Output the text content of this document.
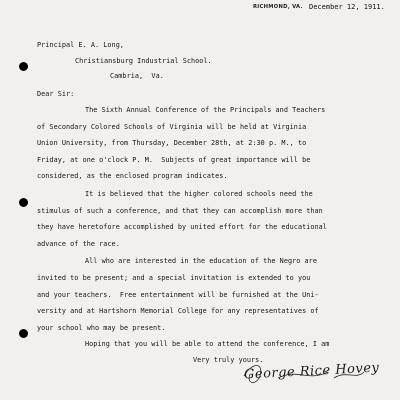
RICHMOND, VA. December 12, 1911.
Principal E. A. Long,
Christiansburg Industrial School.
Cambria,  Va.
Dear Sir:
The Sixth Annual Conference of the Principals and Teachers
of Secondary Colored Schools of Virginia will be held at Virginia
Union University, from Thursday, December 28th, at 2:30 p. M., to
Friday, at one o'clock P. M.  Subjects of great importance will be
considered, as the enclosed program indicates.
It is believed that the higher colored schools need the
stimulus of such a conference, and that they can accomplish more than
they have heretofore accomplished by united effort for the educational
advance of the race.
All who are interested in the education of the Negro are
invited to be present; and a special invitation is extended to you
and your teachers.  Free entertainment will be furnished at the Uni-
versity and at Hartshorn Memorial College for any representatives of
your school who may be present.
Hoping that you will be able to attend the conference, I am
Very truly yours.
George Rice Hovey
